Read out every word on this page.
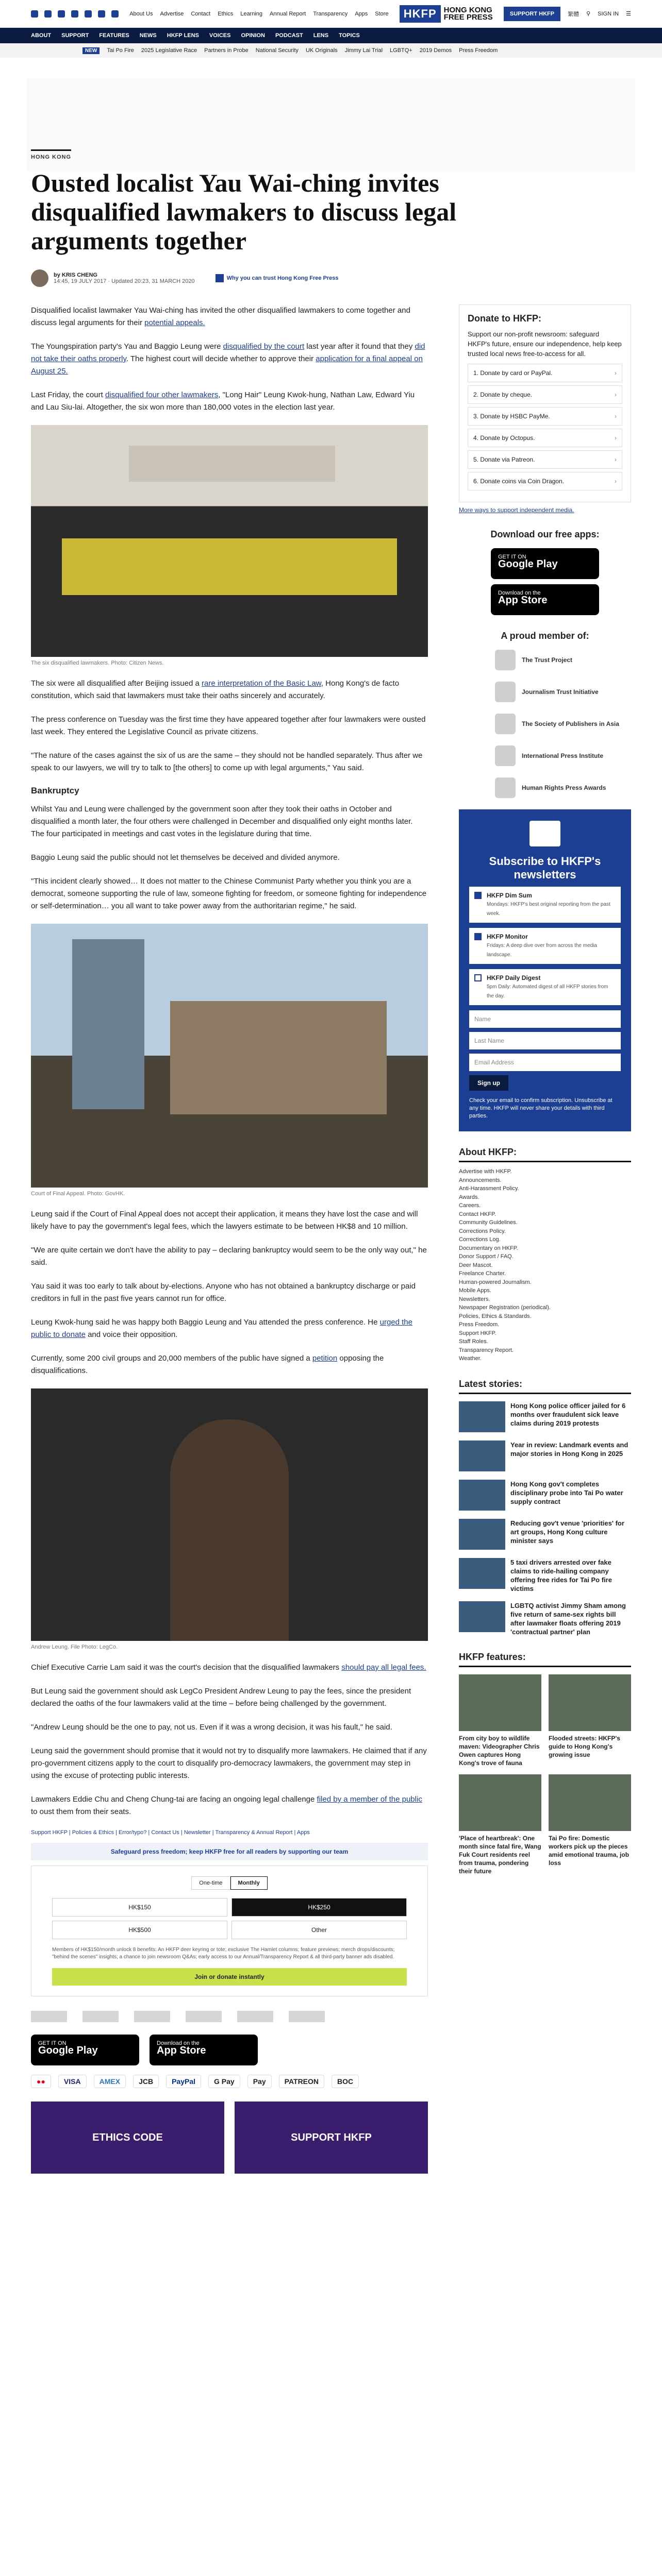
About Us Advertise Contact Ethics Learning Annual Report Transparency Apps Store	HKFP HONG KONG
FREE PRESS	SUPPORT HKFP	繁體 ⚲ SIGN IN ☰
ABOUT SUPPORT FEATURES NEWS HKFP LENS VOICES OPINION PODCAST LENS TOPICS
NEW	Tai Po Fire 2025 Legislative Race Partners in Probe National Security UK Originals Jimmy Lai Trial LGBTQ+ 2019 Demos Press Freedom
HONG KONG
Ousted localist Yau Wai-ching invites disqualified lawmakers to discuss legal arguments together
by KRIS CHENG
14:45, 19 JULY 2017 · Updated 20:23, 31 MARCH 2020	Why you can trust Hong Kong Free Press

Disqualified localist lawmaker Yau Wai-ching has invited the other disqualified lawmakers to come together and discuss legal arguments for their potential appeals.

The Youngspiration party's Yau and Baggio Leung were disqualified by the court last year after it found that they did not take their oaths properly. The highest court will decide whether to approve their application for a final appeal on August 25.

Last Friday, the court disqualified four other lawmakers, "Long Hair" Leung Kwok-hung, Nathan Law, Edward Yiu and Lau Siu-lai. Altogether, the six won more than 180,000 votes in the election last year.

The six disqualified lawmakers. Photo: Citizen News.

The six were all disqualified after Beijing issued a rare interpretation of the Basic Law, Hong Kong's de facto constitution, which said that lawmakers must take their oaths sincerely and accurately.

The press conference on Tuesday was the first time they have appeared together after four lawmakers were ousted last week. They entered the Legislative Council as private citizens.

"The nature of the cases against the six of us are the same – they should not be handled separately. Thus after we speak to our lawyers, we will try to talk to [the others] to come up with legal arguments," Yau said.

Bankruptcy

Whilst Yau and Leung were challenged by the government soon after they took their oaths in October and disqualified a month later, the four others were challenged in December and disqualified only eight months later. The four participated in meetings and cast votes in the legislature during that time.

Baggio Leung said the public should not let themselves be deceived and divided anymore.

"This incident clearly showed… It does not matter to the Chinese Communist Party whether you think you are a democrat, someone supporting the rule of law, someone fighting for freedom, or someone fighting for independence or self-determination… you all want to take power away from the authoritarian regime," he said.

Court of Final Appeal. Photo: GovHK.

Leung said if the Court of Final Appeal does not accept their application, it means they have lost the case and will likely have to pay the government's legal fees, which the lawyers estimate to be between HK$8 and 10 million.

"We are quite certain we don't have the ability to pay – declaring bankruptcy would seem to be the only way out," he said.

Yau said it was too early to talk about by-elections. Anyone who has not obtained a bankruptcy discharge or paid creditors in full in the past five years cannot run for office.

Leung Kwok-hung said he was happy both Baggio Leung and Yau attended the press conference. He urged the public to donate and voice their opposition.

Currently, some 200 civil groups and 20,000 members of the public have signed a petition opposing the disqualifications.

Andrew Leung. File Photo: LegCo.

Chief Executive Carrie Lam said it was the court's decision that the disqualified lawmakers should pay all legal fees.

But Leung said the government should ask LegCo President Andrew Leung to pay the fees, since the president declared the oaths of the four lawmakers valid at the time – before being challenged by the government.

"Andrew Leung should be the one to pay, not us. Even if it was a wrong decision, it was his fault," he said.

Leung said the government should promise that it would not try to disqualify more lawmakers. He claimed that if any pro-government citizens apply to the court to disqualify pro-democracy lawmakers, the government may step in using the excuse of protecting public interests.

Lawmakers Eddie Chu and Cheng Chung-tai are facing an ongoing legal challenge filed by a member of the public to oust them from their seats.

Support HKFP | Policies & Ethics | Error/typo? | Contact Us | Newsletter | Transparency & Annual Report | Apps
Safeguard press freedom; keep HKFP free for all readers by supporting our team
One-time	Monthly
HK$150	HK$250
HK$500	Other
Members of HK$150/month unlock 8 benefits: An HKFP deer keyring or tote; exclusive The Hamlet columns; feature previews; merch drops/discounts; "behind the scenes" insights; a chance to join newsroom Q&As; early access to our Annual/Transparency Report & all third-party banner ads disabled.
Join or donate instantly
GET IT ON
Google Play
Download on the
App Store
●●	VISA	AMEX	JCB	PayPal	G Pay	Pay	PATREON	BOC
ETHICS CODE	SUPPORT HKFP
Donate to HKFP:
Support our non-profit newsroom: safeguard HKFP's future, ensure our independence, help keep trusted local news free-to-access for all.
1. Donate by card or PayPal.	›
2. Donate by cheque.	›
3. Donate by HSBC PayMe.	›
4. Donate by Octopus.	›
5. Donate via Patreon.	›
6. Donate coins via Coin Dragon.	›
More ways to support independent media.
Download our free apps:
GET IT ON
Google Play
Download on the
App Store
A proud member of:
The Trust Project
Journalism Trust Initiative
The Society of Publishers in Asia
International Press Institute
Human Rights Press Awards
Subscribe to HKFP's newsletters
HKFP Dim Sum
Mondays: HKFP's best original reporting from the past week.
HKFP Monitor
Fridays: A deep dive over from across the media landscape.
HKFP Daily Digest
5pm Daily: Automated digest of all HKFP stories from the day.
Name
Last Name
Email Address
Sign up
Check your email to confirm subscription. Unsubscribe at any time. HKFP will never share your details with third parties.
About HKFP:
Advertise with HKFP.
Announcements.
Anti-Harassment Policy.
Awards.
Careers.
Contact HKFP.
Community Guidelines.
Corrections Policy.
Corrections Log.
Documentary on HKFP.
Donor Support / FAQ.
Deer Mascot.
Freelance Charter.
Human-powered Journalism.
Mobile Apps.
Newsletters.
Newspaper Registration (periodical).
Policies, Ethics & Standards.
Press Freedom.
Support HKFP.
Staff Roles.
Transparency Report.
Weather.
Latest stories:
Hong Kong police officer jailed for 6 months over fraudulent sick leave claims during 2019 protests
Year in review: Landmark events and major stories in Hong Kong in 2025
Hong Kong gov't completes disciplinary probe into Tai Po water supply contract
Reducing gov't venue 'priorities' for art groups, Hong Kong culture minister says
5 taxi drivers arrested over fake claims to ride-hailing company offering free rides for Tai Po fire victims
LGBTQ activist Jimmy Sham among five return of same-sex rights bill after lawmaker floats offering 2019 'contractual partner' plan
HKFP features:
From city boy to wildlife maven: Videographer Chris Owen captures Hong Kong's trove of fauna
Flooded streets: HKFP's guide to Hong Kong's growing issue
'Place of heartbreak': One month since fatal fire, Wang Fuk Court residents reel from trauma, pondering their future
Tai Po fire: Domestic workers pick up the pieces amid emotional trauma, job loss
